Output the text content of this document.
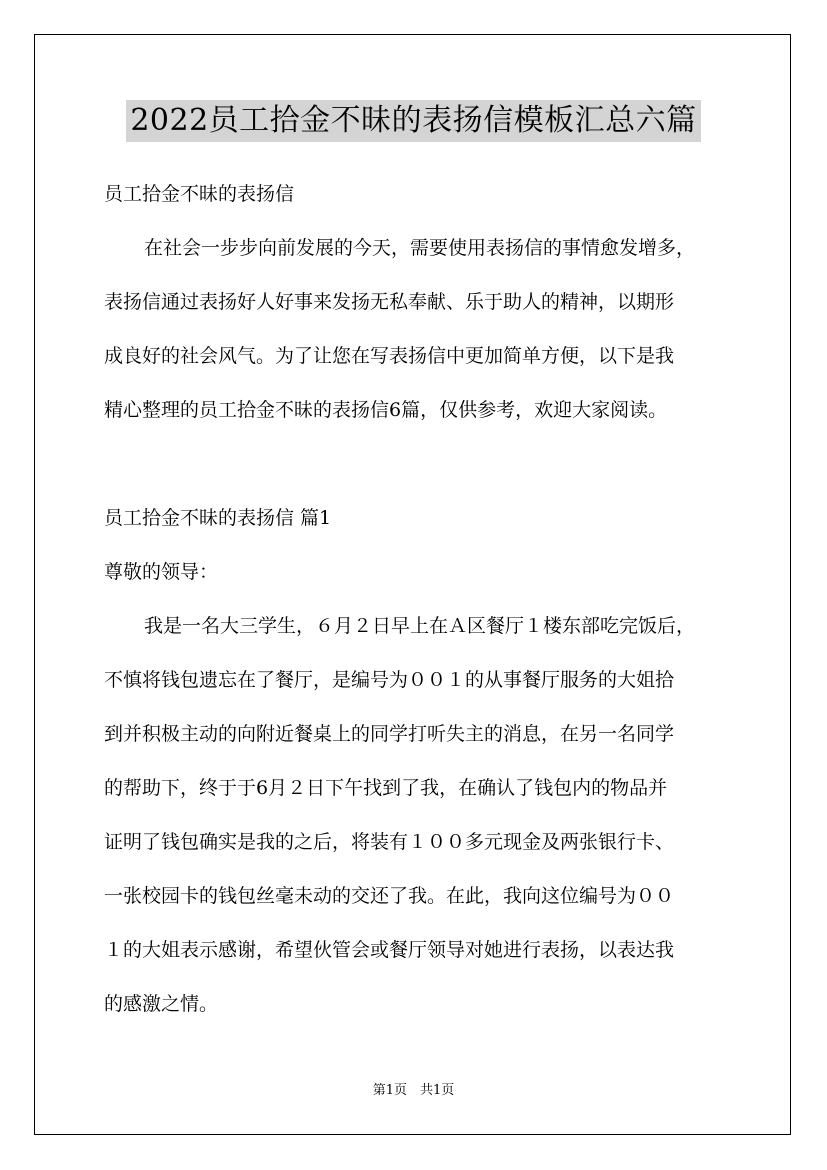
2022员工拾金不昧的表扬信模板汇总六篇

员工拾金不昧的表扬信

在社会一步步向前发展的今天，需要使用表扬信的事情愈发增多，

表扬信通过表扬好人好事来发扬无私奉献、乐于助人的精神，以期形

成良好的社会风气。为了让您在写表扬信中更加简单方便，以下是我

精心整理的员工拾金不昧的表扬信6篇，仅供参考，欢迎大家阅读。

员工拾金不昧的表扬信 篇1

尊敬的领导：

我是一名大三学生，６月２日早上在Ａ区餐厅１楼东部吃完饭后，

不慎将钱包遗忘在了餐厅，是编号为００１的从事餐厅服务的大姐拾

到并积极主动的向附近餐桌上的同学打听失主的消息，在另一名同学

的帮助下，终于于6月２日下午找到了我，在确认了钱包内的物品并

证明了钱包确实是我的之后，将装有１００多元现金及两张银行卡、

一张校园卡的钱包丝毫未动的交还了我。在此，我向这位编号为００

１的大姐表示感谢，希望伙管会或餐厅领导对她进行表扬，以表达我

的感激之情。

第1页　共1页
